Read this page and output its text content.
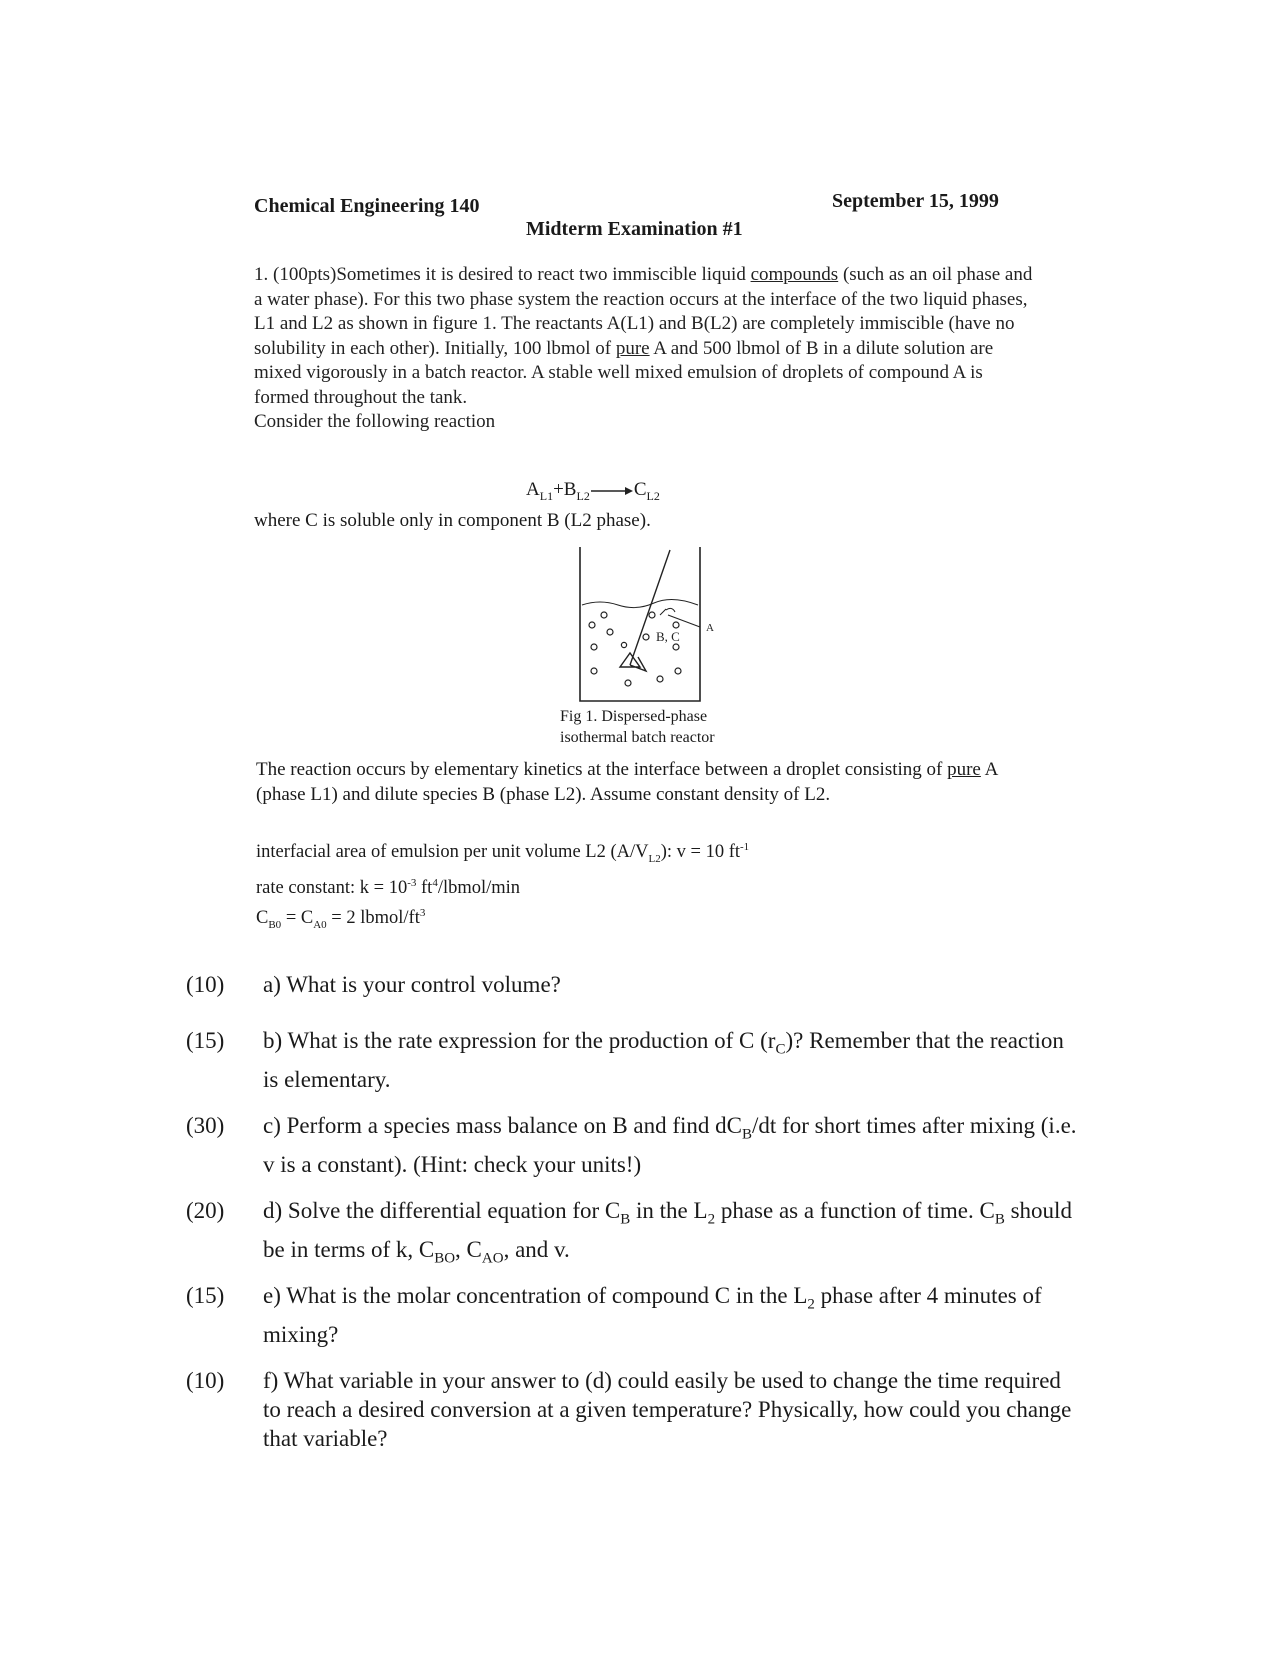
Chemical Engineering 140	September 15, 1999
Midterm Examination #1

1. (100pts)Sometimes it is desired to react two immiscible liquid compounds (such as an oil phase and a water phase). For this two phase system the reaction occurs at the interface of the two liquid phases, L1 and L2 as shown in figure 1. The reactants A(L1) and B(L2) are completely immiscible (have no solubility in each other). Initially, 100 lbmol of pure A and 500 lbmol of B in a dilute solution are mixed vigorously in a batch reactor. A stable well mixed emulsion of droplets of compound A is formed throughout the tank.

Consider the following reaction

$A_{L1}+B_{L2}\to C_{L2}$
where C is soluble only in component B (L2 phase).
A
B, C
Fig 1. Dispersed-phase
isothermal batch reactor
The reaction occurs by elementary kinetics at the interface between a droplet consisting of pure A (phase L1) and dilute species B (phase L2). Assume constant density of L2.
interfacial area of emulsion per unit volume L2 $(A/V_{L2})$: v = 10 $ft^{-1}$
rate constant: $k = 10^{-3}$ $ft^4/lbmol/\min$
$C_{B0} = C_{A0} = 2$ lbmol/$ft^3$
(10)	a) What is your control volume?
(15)	b) What is the rate expression for the production of C $(r_C)$? Remember that the reaction is elementary.
(30)	c) Perform a species mass balance on B and find $dC_B/dt$ for short times after mixing (i.e. v is a constant). (Hint: check your units!)
(20)	d) Solve the differential equation for $C_B$ in the $L_2$ phase as a function of time. $C_B$ should be in terms of k, $C_{BO}$, $C_{AO}$, and v.
(15)	e) What is the molar concentration of compound C in the $L_2$ phase after 4 minutes of mixing?
(10)	f) What variable in your answer to (d) could easily be used to change the time required to reach a desired conversion at a given temperature? Physically, how could you change that variable?
